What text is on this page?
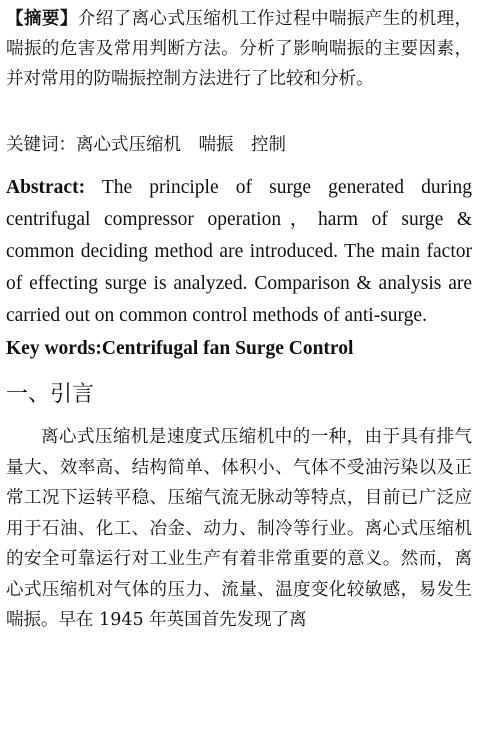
【摘要】介绍了离心式压缩机工作过程中喘振产生的机理，喘振的危害及常用判断方法。分析了影响喘振的主要因素，并对常用的防喘振控制方法进行了比较和分析。

关键词：离心式压缩机　喘振　控制

Abstract: The principle of surge generated during centrifugal compressor operation，harm of surge & common deciding method are introduced. The main factor of effecting surge is analyzed. Comparison & analysis are carried out on common control methods of anti-surge.

Key words:Centrifugal fan Surge Control

一、引言

离心式压缩机是速度式压缩机中的一种，由于具有排气量大、效率高、结构简单、体积小、气体不受油污染以及正常工况下运转平稳、压缩气流无脉动等特点，目前已广泛应用于石油、化工、冶金、动力、制冷等行业。离心式压缩机的安全可靠运行对工业生产有着非常重要的意义。然而，离心式压缩机对气体的压力、流量、温度变化较敏感，易发生喘振。早在 1945 年英国首先发现了离
